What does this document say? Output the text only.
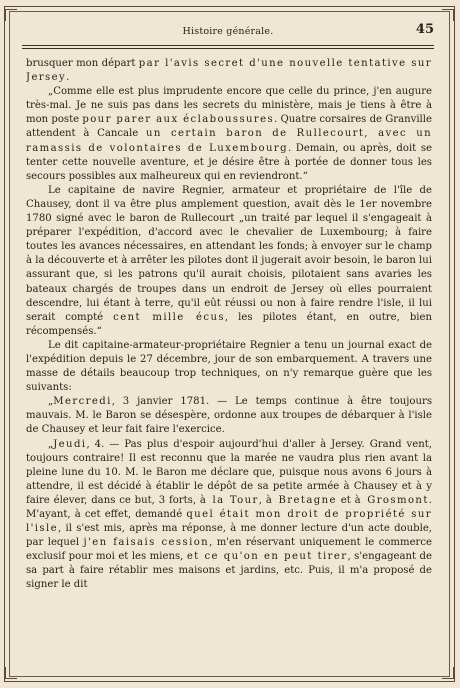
Histoire générale.	45

brusquer mon départ par l'avis secret d'une nouvelle tentative sur Jersey.

„Comme elle est plus imprudente encore que celle du prince, j'en augure très-mal. Je ne suis pas dans les secrets du ministère, mais je tiens à être à mon poste pour parer aux éclaboussures. Quatre corsaires de Granville attendent à Cancale un certain baron de Rullecourt, avec un ramassis de volontaires de Luxembourg. Demain, ou après, doit se tenter cette nouvelle aventure, et je désire être à portée de donner tous les secours possibles aux malheureux qui en reviendront.“

Le capitaine de navire Regnier, armateur et propriétaire de l'île de Chausey, dont il va être plus amplement question, avait dès le 1er novembre 1780 signé avec le baron de Rullecourt „un traité par lequel il s'engageait à préparer l'expédition, d'accord avec le chevalier de Luxembourg; à faire toutes les avances nécessaires, en attendant les fonds; à envoyer sur le champ à la découverte et à arrêter les pilotes dont il jugerait avoir besoin, le baron lui assurant que, si les patrons qu'il aurait choisis, pilotaient sans avaries les bateaux chargés de troupes dans un endroit de Jersey où elles pourraient descendre, lui étant à terre, qu'il eût réussi ou non à faire rendre l'isle, il lui serait compté cent mille écus, les pilotes étant, en outre, bien récompensés.“

Le dit capitaine-armateur-propriétaire Regnier a tenu un journal exact de l'expédition depuis le 27 décembre, jour de son embarquement. A travers une masse de détails beaucoup trop techniques, on n'y remarque guère que les suivants:

„Mercredi, 3 janvier 1781. — Le temps continue à être toujours mauvais. M. le Baron se désespère, ordonne aux troupes de débarquer à l'isle de Chausey et leur fait faire l'exercice.

„Jeudi, 4. — Pas plus d'espoir aujourd'hui d'aller à Jersey. Grand vent, toujours contraire! Il est reconnu que la marée ne vaudra plus rien avant la pleine lune du 10. M. le Baron me déclare que, puisque nous avons 6 jours à attendre, il est décidé à établir le dépôt de sa petite armée à Chausey et à y faire élever, dans ce but, 3 forts, à la Tour, à Bretagne et à Grosmont. M'ayant, à cet effet, demandé quel était mon droit de propriété sur l'isle, il s'est mis, après ma réponse, à me donner lecture d'un acte double, par lequel j'en faisais cession, m'en réservant uniquement le commerce exclusif pour moi et les miens, et ce qu'on en peut tirer, s'engageant de sa part à faire rétablir mes maisons et jardins, etc. Puis, il m'a proposé de signer le dit
